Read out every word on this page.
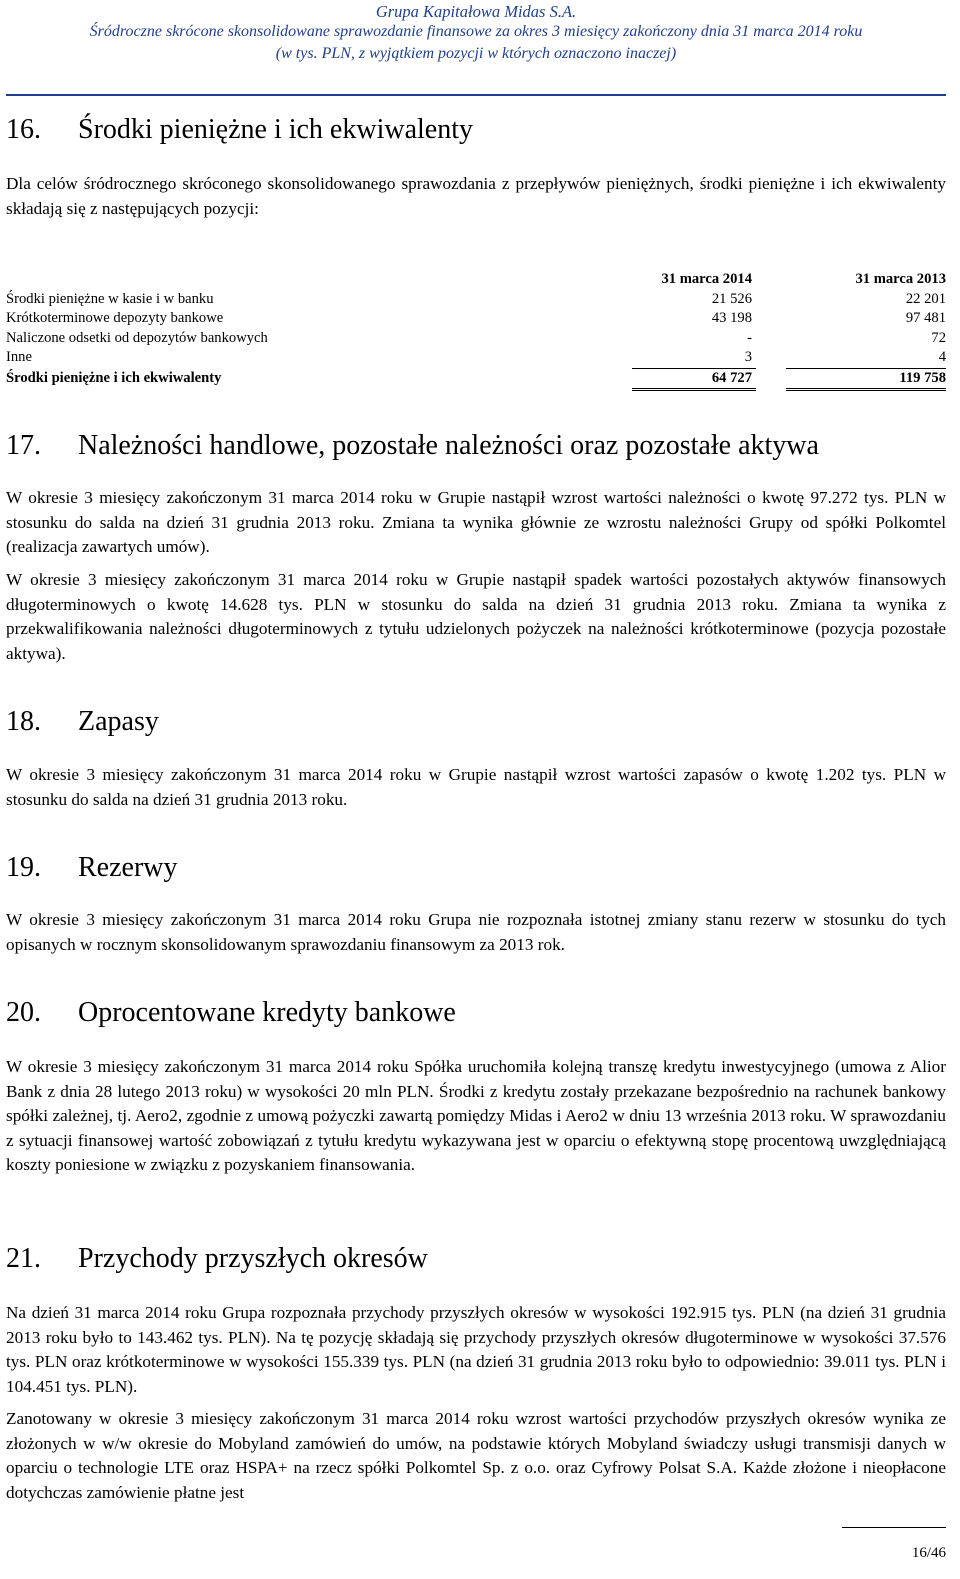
Grupa Kapitałowa Midas S.A.
Śródroczne skrócone skonsolidowane sprawozdanie finansowe za okres 3 miesięcy zakończony dnia 31 marca 2014 roku
(w tys. PLN, z wyjątkiem pozycji w których oznaczono inaczej)
16. Środki pieniężne i ich ekwiwalenty

Dla celów śródrocznego skróconego skonsolidowanego sprawozdania z przepływów pieniężnych, środki pieniężne i ich ekwiwalenty składają się z następujących pozycji:

	31 marca 2014		31 marca 2013
Środki pieniężne w kasie i w banku	21 526		22 201
Krótkoterminowe depozyty bankowe	43 198		97 481
Naliczone odsetki od depozytów bankowych	-		72
Inne	3		4
Środki pieniężne i ich ekwiwalenty	64 727		119 758
17. Należności handlowe, pozostałe należności oraz pozostałe aktywa

W okresie 3 miesięcy zakończonym 31 marca 2014 roku w Grupie nastąpił wzrost wartości należności o kwotę 97.272 tys. PLN w stosunku do salda na dzień 31 grudnia 2013 roku. Zmiana ta wynika głównie ze wzrostu należności Grupy od spółki Polkomtel (realizacja zawartych umów).

W okresie 3 miesięcy zakończonym 31 marca 2014 roku w Grupie nastąpił spadek wartości pozostałych aktywów finansowych długoterminowych o kwotę 14.628 tys. PLN w stosunku do salda na dzień 31 grudnia 2013 roku. Zmiana ta wynika z przekwalifikowania należności długoterminowych z tytułu udzielonych pożyczek na należności krótkoterminowe (pozycja pozostałe aktywa).

18. Zapasy

W okresie 3 miesięcy zakończonym 31 marca 2014 roku w Grupie nastąpił wzrost wartości zapasów o kwotę 1.202 tys. PLN w stosunku do salda na dzień 31 grudnia 2013 roku.

19. Rezerwy

W okresie 3 miesięcy zakończonym 31 marca 2014 roku Grupa nie rozpoznała istotnej zmiany stanu rezerw w stosunku do tych opisanych w rocznym skonsolidowanym sprawozdaniu finansowym za 2013 rok.

20. Oprocentowane kredyty bankowe

W okresie 3 miesięcy zakończonym 31 marca 2014 roku Spółka uruchomiła kolejną transzę kredytu inwestycyjnego (umowa z Alior Bank z dnia 28 lutego 2013 roku) w wysokości 20 mln PLN. Środki z kredytu zostały przekazane bezpośrednio na rachunek bankowy spółki zależnej, tj. Aero2, zgodnie z umową pożyczki zawartą pomiędzy Midas i Aero2 w dniu 13 września 2013 roku. W sprawozdaniu z sytuacji finansowej wartość zobowiązań z tytułu kredytu wykazywana jest w oparciu o efektywną stopę procentową uwzględniającą koszty poniesione w związku z pozyskaniem finansowania.

21. Przychody przyszłych okresów

Na dzień 31 marca 2014 roku Grupa rozpoznała przychody przyszłych okresów w wysokości 192.915 tys. PLN (na dzień 31 grudnia 2013 roku było to 143.462 tys. PLN). Na tę pozycję składają się przychody przyszłych okresów długoterminowe w wysokości 37.576 tys. PLN oraz krótkoterminowe w wysokości 155.339 tys. PLN (na dzień 31 grudnia 2013 roku było to odpowiednio: 39.011 tys. PLN i 104.451 tys. PLN).

Zanotowany w okresie 3 miesięcy zakończonym 31 marca 2014 roku wzrost wartości przychodów przyszłych okresów wynika ze złożonych w w/w okresie do Mobyland zamówień do umów, na podstawie których Mobyland świadczy usługi transmisji danych w oparciu o technologie LTE oraz HSPA+ na rzecz spółki Polkomtel Sp. z o.o. oraz Cyfrowy Polsat S.A. Każde złożone i nieopłacone dotychczas zamówienie płatne jest

16/46
